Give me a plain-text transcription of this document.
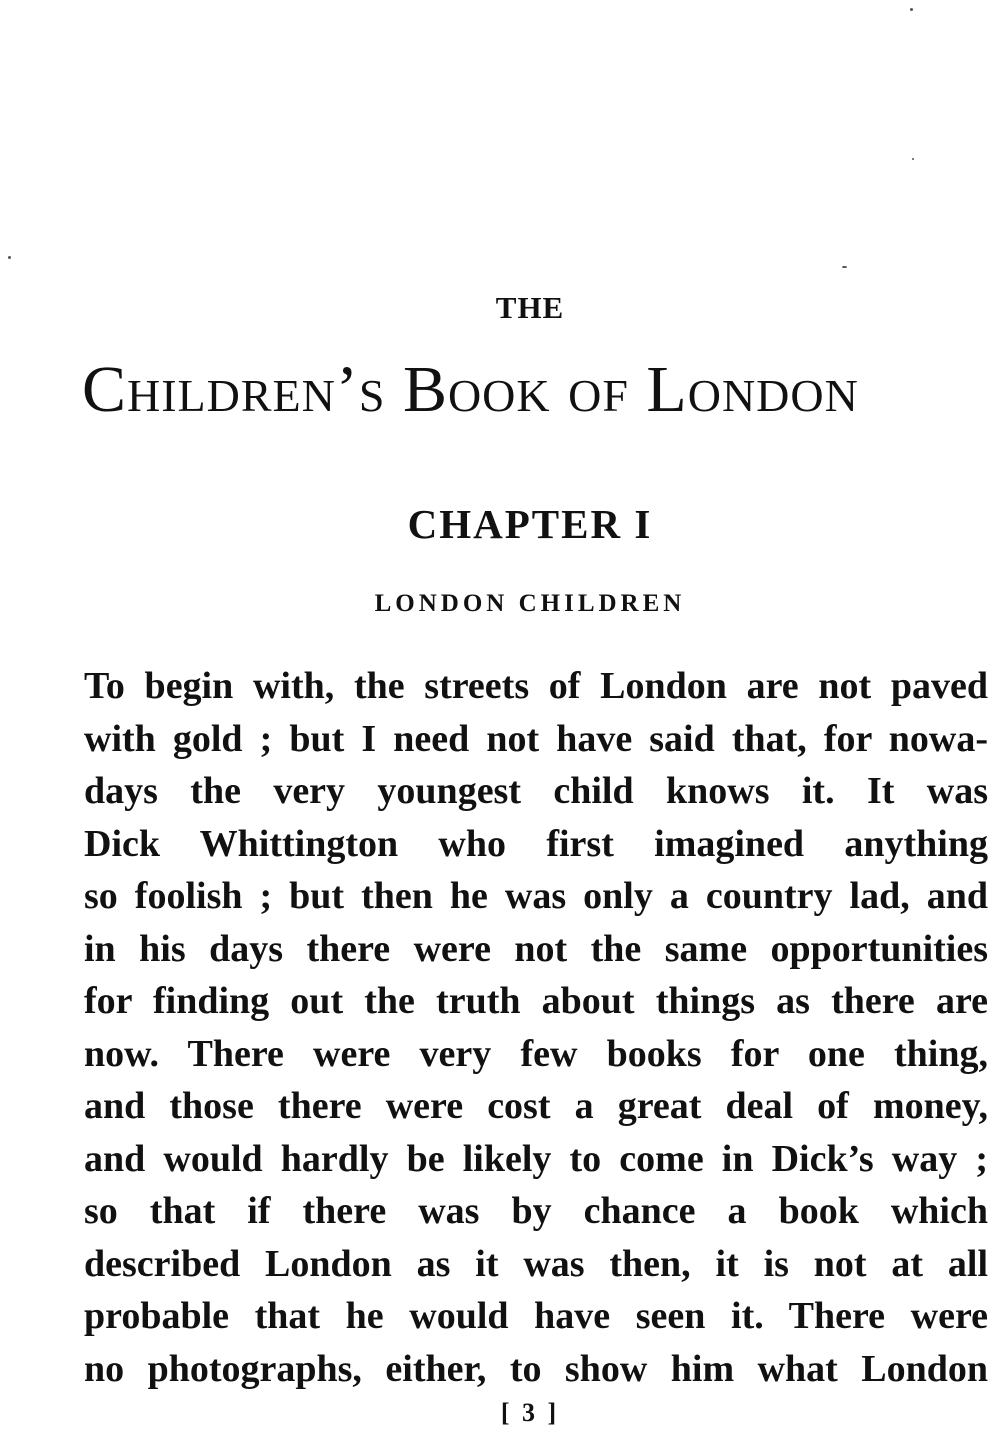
THE
Children’s Book of London
CHAPTER I
LONDON CHILDREN
To begin with, the streets of London are not paved
with gold ; but I need not have said that, for nowa-
days the very youngest child knows it. It was
Dick Whittington who first imagined anything
so foolish ; but then he was only a country lad, and
in his days there were not the same opportunities
for finding out the truth about things as there are
now. There were very few books for one thing,
and those there were cost a great deal of money,
and would hardly be likely to come in Dick’s way ;
so that if there was by chance a book which
described London as it was then, it is not at all
probable that he would have seen it. There were
no photographs, either, to show him what London
[ 3 ]
